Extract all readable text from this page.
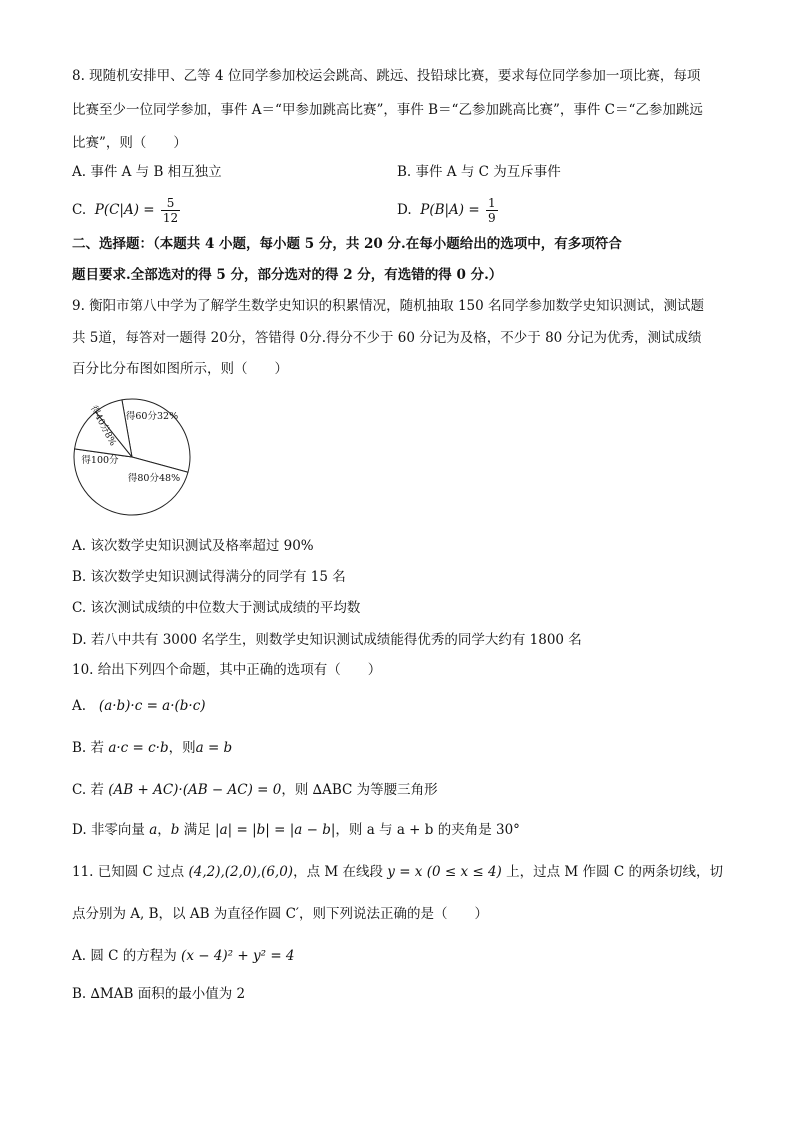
8. 现随机安排甲、乙等 4 位同学参加校运会跳高、跳远、投铅球比赛，要求每位同学参加一项比赛，每项
比赛至少一位同学参加，事件 A＝“甲参加跳高比赛”，事件 B＝“乙参加跳高比赛”，事件 C＝“乙参加跳远
比赛”，则（　　）
A. 事件 A 与 B 相互独立	B. 事件 A 与 C 为互斥事件
C. $P(C|A) = \frac{5}{12}$	D. $P(B|A) = \frac{1}{9}$
二、选择题：（本题共 4 小题，每小题 5 分，共 20 分.在每小题给出的选项中，有多项符合
题目要求.全部选对的得 5 分，部分选对的得 2 分，有选错的得 0 分.）
9. 衡阳市第八中学为了解学生数学史知识的积累情况，随机抽取 150 名同学参加数学史知识测试，测试题
共 5道，每答对一题得 20分，答错得 0分.得分不少于 60 分记为及格，不少于 80 分记为优秀，测试成绩
百分比分布图如图所示，则（　　）
得60分32%
得80分48%
得100分
得40分8%
A. 该次数学史知识测试及格率超过 90%
B. 该次数学史知识测试得满分的同学有 15 名
C. 该次测试成绩的中位数大于测试成绩的平均数
D. 若八中共有 3000 名学生，则数学史知识测试成绩能得优秀的同学大约有 1800 名
10. 给出下列四个命题，其中正确的选项有（　　）
A. (a·b)·c = a·(b·c)
B. 若 a·c = c·b，则a = b
C. 若 (AB + AC)·(AB − AC) = 0，则 ∆ABC 为等腰三角形
D. 非零向量 a，b 满足 |a| = |b| = |a − b|，则 a 与 a + b 的夹角是 30°
11. 已知圆 C 过点 (4,2),(2,0),(6,0)，点 M 在线段 y = x (0 ≤ x ≤ 4) 上，过点 M 作圆 C 的两条切线，切
点分别为 A, B，以 AB 为直径作圆 C′，则下列说法正确的是（　　）
A. 圆 C 的方程为 (x − 4)² + y² = 4
B. ∆MAB 面积的最小值为 2
